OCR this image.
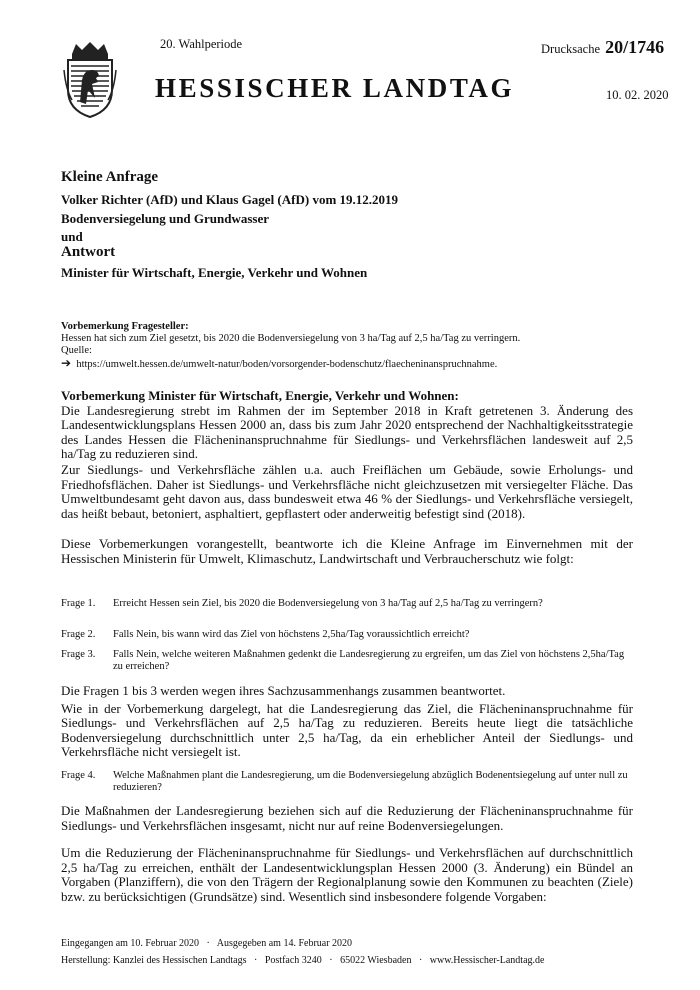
20. Wahlperiode
HESSISCHER LANDTAG
Drucksache 20/1746
10. 02. 2020
Kleine Anfrage
Volker Richter (AfD) und Klaus Gagel (AfD) vom 19.12.2019
Bodenversiegelung und Grundwasser
und
Antwort
Minister für Wirtschaft, Energie, Verkehr und Wohnen

Vorbemerkung Fragesteller:

Hessen hat sich zum Ziel gesetzt, bis 2020 die Bodenversiegelung von 3 ha/Tag auf 2,5 ha/Tag zu verringern.

Quelle:

➔ https://umwelt.hessen.de/umwelt-natur/boden/vorsorgender-bodenschutz/flaecheninanspruchnahme.

Vorbemerkung Minister für Wirtschaft, Energie, Verkehr und Wohnen:

Die Landesregierung strebt im Rahmen der im September 2018 in Kraft getretenen 3. Änderung des Landesentwicklungsplans Hessen 2000 an, dass bis zum Jahr 2020 entsprechend der Nachhaltigkeitsstrategie des Landes Hessen die Flächeninanspruchnahme für Siedlungs- und Verkehrsflächen landesweit auf 2,5 ha/Tag zu reduzieren sind.

Zur Siedlungs- und Verkehrsfläche zählen u.a. auch Freiflächen um Gebäude, sowie Erholungs- und Friedhofsflächen. Daher ist Siedlungs- und Verkehrsfläche nicht gleichzusetzen mit versiegelter Fläche. Das Umweltbundesamt geht davon aus, dass bundesweit etwa 46 % der Siedlungs- und Verkehrsfläche versiegelt, das heißt bebaut, betoniert, asphaltiert, gepflastert oder anderweitig befestigt sind (2018).
Diese Vorbemerkungen vorangestellt, beantworte ich die Kleine Anfrage im Einvernehmen mit der Hessischen Ministerin für Umwelt, Klimaschutz, Landwirtschaft und Verbraucherschutz wie folgt:
Frage 1. Erreicht Hessen sein Ziel, bis 2020 die Bodenversiegelung von 3 ha/Tag auf 2,5 ha/Tag zu verringern?
Frage 2. Falls Nein, bis wann wird das Ziel von höchstens 2,5ha/Tag voraussichtlich erreicht?
Frage 3. Falls Nein, welche weiteren Maßnahmen gedenkt die Landesregierung zu ergreifen, um das Ziel von höchstens 2,5ha/Tag zu erreichen?

Die Fragen 1 bis 3 werden wegen ihres Sachzusammenhangs zusammen beantwortet.

Wie in der Vorbemerkung dargelegt, hat die Landesregierung das Ziel, die Flächeninanspruchnahme für Siedlungs- und Verkehrsflächen auf 2,5 ha/Tag zu reduzieren. Bereits heute liegt die tatsächliche Bodenversiegelung durchschnittlich unter 2,5 ha/Tag, da ein erheblicher Anteil der Siedlungs- und Verkehrsfläche nicht versiegelt ist.

Frage 4. Welche Maßnahmen plant die Landesregierung, um die Bodenversiegelung abzüglich Bodenentsiegelung auf unter null zu reduzieren?
Die Maßnahmen der Landesregierung beziehen sich auf die Reduzierung der Flächeninanspruchnahme für Siedlungs- und Verkehrsflächen insgesamt, nicht nur auf reine Bodenversiegelungen.
Um die Reduzierung der Flächeninanspruchnahme für Siedlungs- und Verkehrsflächen auf durchschnittlich 2,5 ha/Tag zu erreichen, enthält der Landesentwicklungsplan Hessen 2000 (3. Änderung) ein Bündel an Vorgaben (Planziffern), die von den Trägern der Regionalplanung sowie den Kommunen zu beachten (Ziele) bzw. zu berücksichtigen (Grundsätze) sind. Wesentlich sind insbesondere folgende Vorgaben:
Eingegangen am 10. Februar 2020   ·   Ausgegeben am 14. Februar 2020
Herstellung: Kanzlei des Hessischen Landtags   ·   Postfach 3240   ·   65022 Wiesbaden   ·   www.Hessischer-Landtag.de
